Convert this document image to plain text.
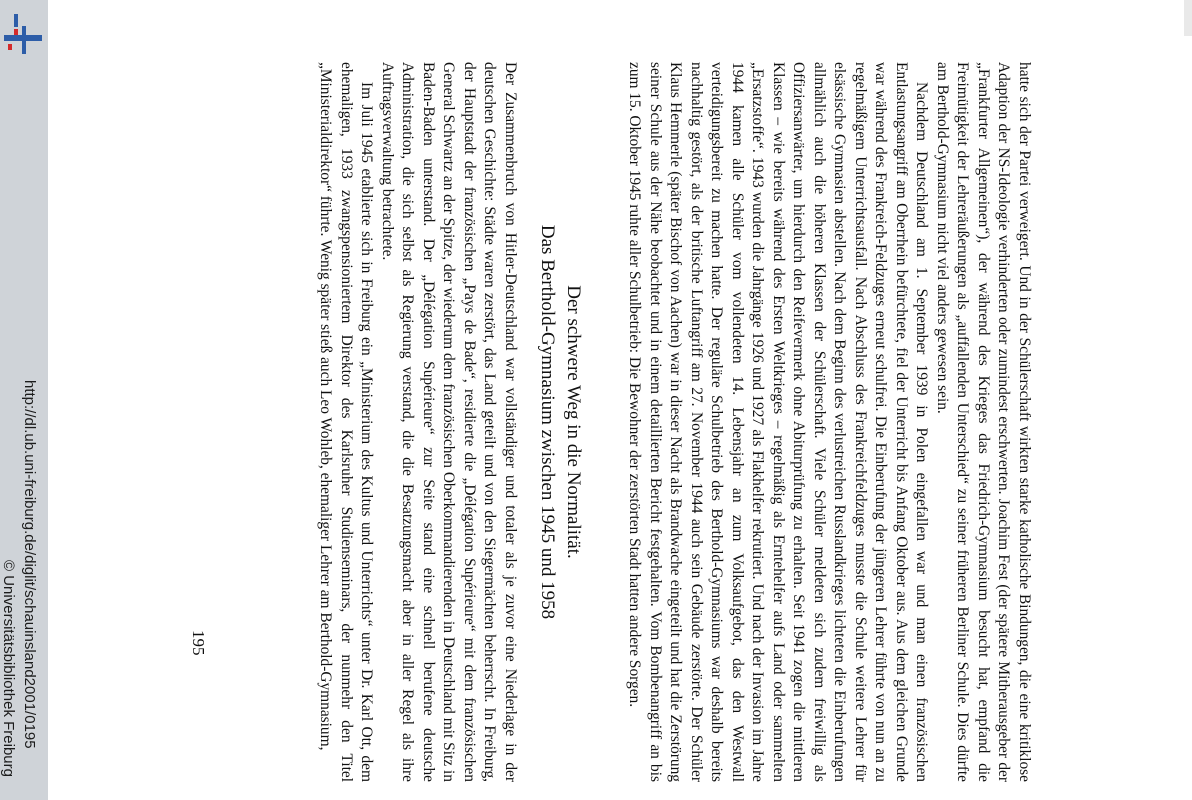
http://dl.ub.uni-freiburg.de/diglit/schauinsland2001/0195
© Universitätsbibliothek Freiburg	hatte sich der Partei verweigert. Und in der Schülerschaft wirkten starke katholische Bindungen, die eine kritiklose Adaption der NS-Ideologie verhinderten oder zumindest erschwerten. Joachim Fest (der spätere Mitherausgeber der „Frankfurter Allgemeinen“), der während des Krieges das Friedrich-Gymnasium besucht hat, empfand die Freimütigkeit der Lehreräußerungen als „auffallenden Unterschied“ zu seiner früheren Berliner Schule. Dies dürfte am Berthold-Gymnasium nicht viel anders gewesen sein.

Nachdem Deutschland am 1. September 1939 in Polen eingefallen war und man einen französischen Entlastungsangriff am Oberrhein befürchtete, fiel der Unterricht bis Anfang Oktober aus. Aus dem gleichen Grunde war während des Frankreich-Feldzuges erneut schulfrei. Die Einberufung der jüngeren Lehrer führte von nun an zu regelmäßigem Unterrichtsausfall. Nach Abschluss des Frankreichfeldzuges musste die Schule weitere Lehrer für elsässische Gymnasien abstellen. Nach dem Beginn des verlustreichen Russlandkrieges lichteten die Einberufungen allmählich auch die höheren Klassen der Schülerschaft. Viele Schüler meldeten sich zudem freiwillig als Offiziersanwärter, um hierdurch den Reifevermerk ohne Abiturprüfung zu erhalten. Seit 1941 zogen die mittleren Klassen – wie bereits während des Ersten Weltkrieges – regelmäßig als Erntehelfer aufs Land oder sammelten „Ersatzstoffe“. 1943 wurden die Jahrgänge 1926 und 1927 als Flakhelfer rekrutiert. Und nach der Invasion im Jahre 1944 kamen alle Schüler vom vollendeten 14. Lebensjahr an zum Volksaufgebot, das den Westwall verteidigungsbereit zu machen hatte. Der reguläre Schulbetrieb des Berthold-Gymnasiums war deshalb bereits nachhaltig gestört, als der britische Luftangriff am 27. November 1944 auch sein Gebäude zerstörte. Der Schüler Klaus Hemmerle (später Bischof von Aachen) war in dieser Nacht als Brandwache eingeteilt und hat die Zerstörung seiner Schule aus der Nähe beobachtet und in einem detaillierten Bericht festgehalten. Vom Bombenangriff an bis zum 15. Oktober 1945 ruhte aller Schulbetrieb: Die Bewohner der zerstörten Stadt hatten andere Sorgen.

Der schwere Weg in die Normalität.
Das Berthold-Gymnasium zwischen 1945 und 1958

Der Zusammenbruch von Hitler-Deutschland war vollständiger und totaler als je zuvor eine Niederlage in der deutschen Geschichte: Städte waren zerstört, das Land geteilt und von den Siegermächten beherrscht. In Freiburg, der Hauptstadt der französischen „Pays de Bade“, residierte die „Délégation Supérieure“ mit dem französischen General Schwartz an der Spitze, der wiederum dem französischen Oberkommandierenden in Deutschland mit Sitz in Baden-Baden unterstand. Der „Délégation Supérieure“ zur Seite stand eine schnell berufene deutsche Administration, die sich selbst als Regierung verstand, die die Besatzungsmacht aber in aller Regel als ihre Auftragsverwaltung betrachtete.

Im Juli 1945 etablierte sich in Freiburg ein „Ministerium des Kultus und Unterrichts“ unter Dr. Karl Ott, dem ehemaligen, 1933 zwangspensioniertem Direktor des Karlsruher Studienseminars, der nunmehr den Titel „Ministerialdirektor“ führte. Wenig später stieß auch Leo Wohleb, ehemaliger Lehrer am Berthold-Gymnasium,

195
